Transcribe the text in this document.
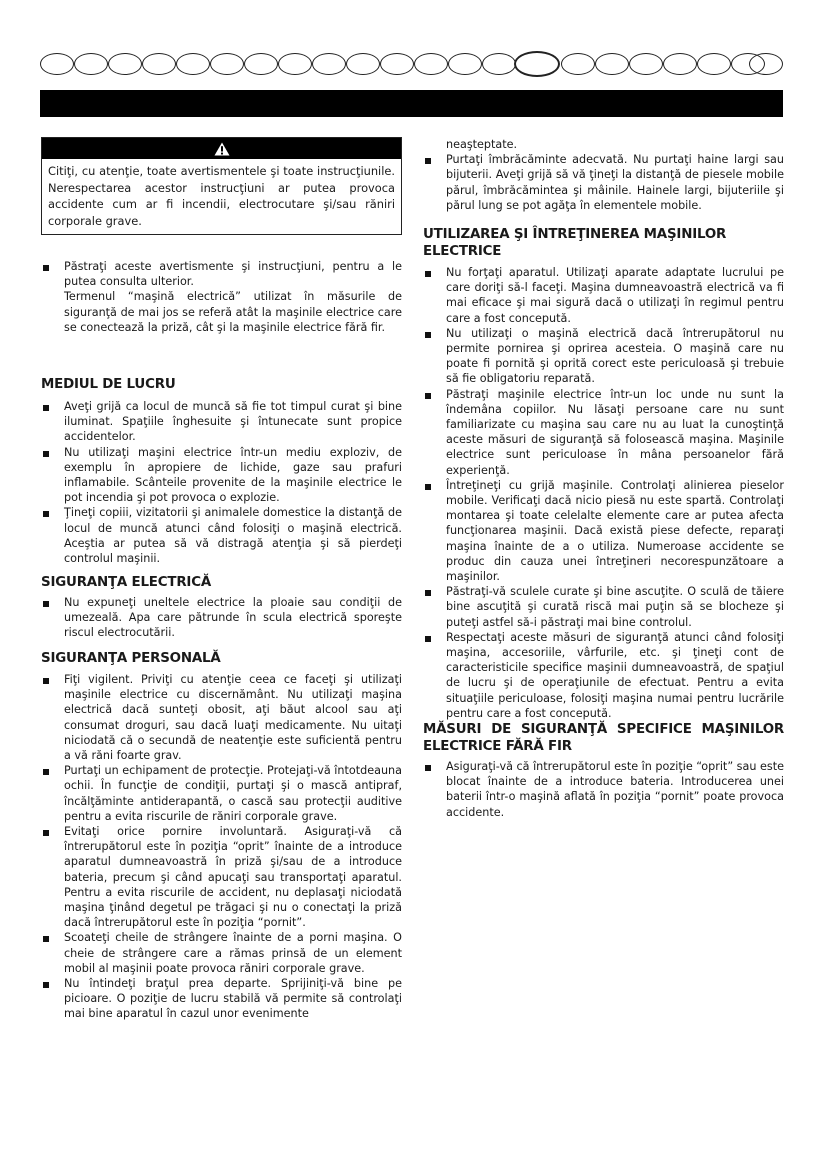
Citiţi, cu atenţie, toate avertismentele şi toate instrucţiunile. Nerespectarea acestor instrucţiuni ar putea provoca accidente cum ar fi incendii, electrocutare şi/sau răniri corporale grave.
Păstraţi aceste avertismente şi instrucţiuni, pentru a le putea consulta ulterior.
Termenul “maşină electrică” utilizat în măsurile de siguranţă de mai jos se referă atât la maşinile electrice care se conectează la priză, cât şi la maşinile electrice fără fir.
MEDIUL DE LUCRU
Aveţi grijă ca locul de muncă să fie tot timpul curat şi bine iluminat. Spaţiile înghesuite şi întunecate sunt propice accidentelor.
Nu utilizaţi maşini electrice într-un mediu exploziv, de exemplu în apropiere de lichide, gaze sau prafuri inflamabile. Scânteile provenite de la maşinile electrice le pot incendia şi pot provoca o explozie.
Ţineţi copiii, vizitatorii şi animalele domestice la distanţă de locul de muncă atunci când folosiţi o maşină electrică. Aceştia ar putea să vă distragă atenţia şi să pierdeţi controlul maşinii.
SIGURANŢA ELECTRICĂ
Nu expuneţi uneltele electrice la ploaie sau condiţii de umezeală. Apa care pătrunde în scula electrică sporeşte riscul electrocutării.
SIGURANŢA PERSONALĂ
Fiţi vigilent. Priviţi cu atenţie ceea ce faceţi şi utilizaţi maşinile electrice cu discernământ. Nu utilizaţi maşina electrică dacă sunteţi obosit, aţi băut alcool sau aţi consumat droguri, sau dacă luaţi medicamente. Nu uitaţi niciodată că o secundă de neatenţie este suficientă pentru a vă răni foarte grav.
Purtaţi un echipament de protecţie. Protejaţi-vă întotdeauna ochii. În funcţie de condiţii, purtaţi şi o mască antipraf, încălţăminte antiderapantă, o cască sau protecţii auditive pentru a evita riscurile de răniri corporale grave.
Evitaţi orice pornire involuntară. Asiguraţi-vă că întrerupătorul este în poziţia “oprit” înainte de a introduce aparatul dumneavoastră în priză şi/sau de a introduce bateria, precum şi când apucaţi sau transportaţi aparatul. Pentru a evita riscurile de accident, nu deplasaţi niciodată maşina ţinând degetul pe trăgaci şi nu o conectaţi la priză dacă întrerupătorul este în poziţia “pornit”.
Scoateţi cheile de strângere înainte de a porni maşina. O cheie de strângere care a rămas prinsă de un element mobil al maşinii poate provoca răniri corporale grave.
Nu întindeţi braţul prea departe. Sprijiniţi-vă bine pe picioare. O poziţie de lucru stabilă vă permite să controlaţi mai bine aparatul în cazul unor evenimente
neaşteptate.
Purtaţi îmbrăcăminte adecvată. Nu purtaţi haine largi sau bijuterii. Aveţi grijă să vă ţineţi la distanţă de piesele mobile părul, îmbrăcămintea şi mâinile. Hainele largi, bijuteriile şi părul lung se pot agăţa în elementele mobile.
UTILIZAREA ŞI ÎNTREŢINEREA MAŞINILOR ELECTRICE
Nu forţaţi aparatul. Utilizaţi aparate adaptate lucrului pe care doriţi să-l faceţi. Maşina dumneavoastră electrică va fi mai eficace şi mai sigură dacă o utilizaţi în regimul pentru care a fost concepută.
Nu utilizaţi o maşină electrică dacă întrerupătorul nu permite pornirea şi oprirea acesteia. O maşină care nu poate fi pornită şi oprită corect este periculoasă şi trebuie să fie obligatoriu reparată.
Păstraţi maşinile electrice într-un loc unde nu sunt la îndemâna copiilor. Nu lăsaţi persoane care nu sunt familiarizate cu maşina sau care nu au luat la cunoştinţă aceste măsuri de siguranţă să folosească maşina. Maşinile electrice sunt periculoase în mâna persoanelor fără experienţă.
Întreţineţi cu grijă maşinile. Controlaţi alinierea pieselor mobile. Verificaţi dacă nicio piesă nu este spartă. Controlaţi montarea şi toate celelalte elemente care ar putea afecta funcţionarea maşinii. Dacă există piese defecte, reparaţi maşina înainte de a o utiliza. Numeroase accidente se produc din cauza unei întreţineri necorespunzătoare a maşinilor.
Păstraţi-vă sculele curate şi bine ascuţite. O sculă de tăiere bine ascuţită şi curată riscă mai puţin să se blocheze şi puteţi astfel să-i păstraţi mai bine controlul.
Respectaţi aceste măsuri de siguranţă atunci când folosiţi maşina, accesoriile, vârfurile, etc. şi ţineţi cont de caracteristicile specifice maşinii dumneavoastră, de spaţiul de lucru şi de operaţiunile de efectuat. Pentru a evita situaţiile periculoase, folosiţi maşina numai pentru lucrările pentru care a fost concepută.
MĂSURI DE SIGURANŢĂ SPECIFICE MAŞINILOR ELECTRICE FĂRĂ FIR
Asiguraţi-vă că întrerupătorul este în poziţie “oprit” sau este blocat înainte de a introduce bateria. Introducerea unei baterii într-o maşină aflată în poziţia “pornit” poate provoca accidente.
